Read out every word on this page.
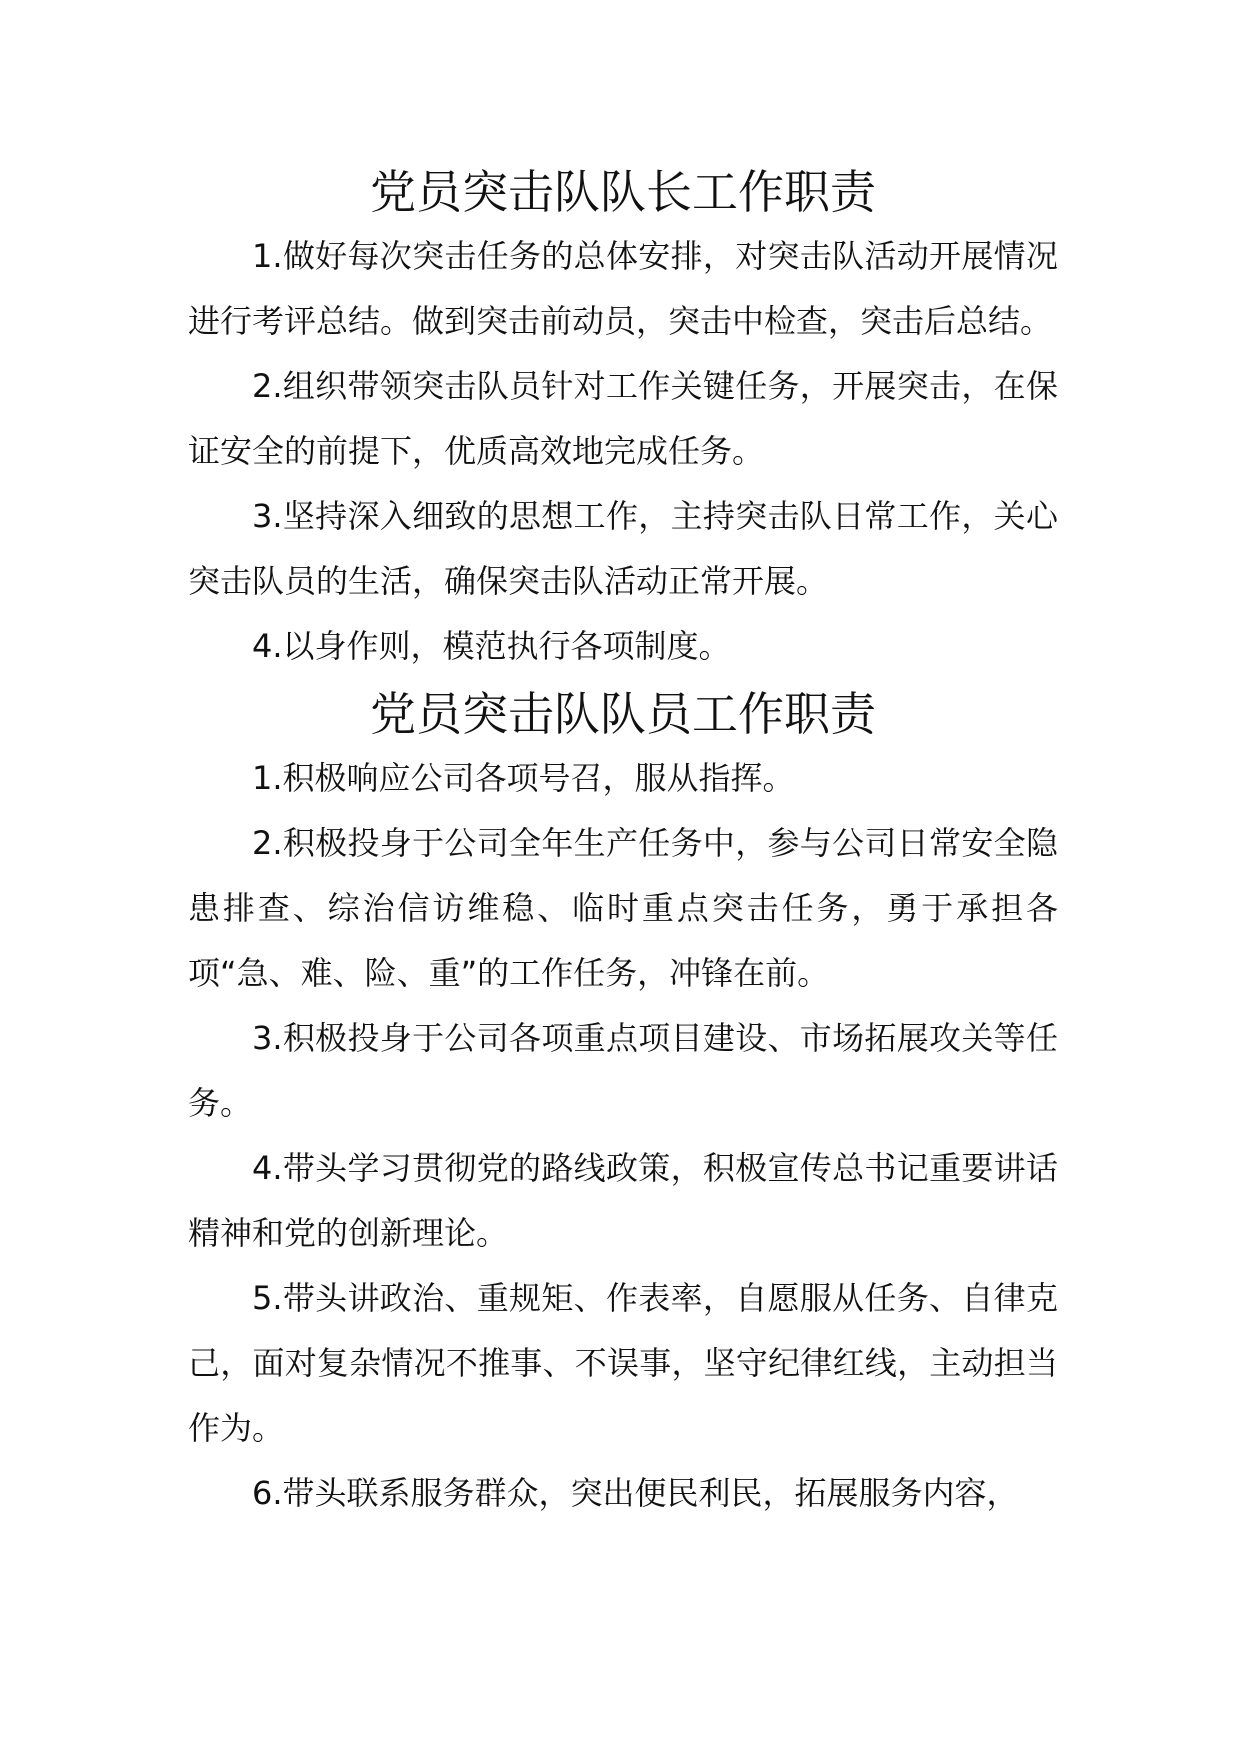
党员突击队队长工作职责

1.做好每次突击任务的总体安排，对突击队活动开展情况进行考评总结。做到突击前动员，突击中检查，突击后总结。

2.组织带领突击队员针对工作关键任务，开展突击，在保证安全的前提下，优质高效地完成任务。

3.坚持深入细致的思想工作，主持突击队日常工作，关心突击队员的生活，确保突击队活动正常开展。

4.以身作则，模范执行各项制度。

党员突击队队员工作职责

1.积极响应公司各项号召，服从指挥。

2.积极投身于公司全年生产任务中，参与公司日常安全隐患排查、综治信访维稳、临时重点突击任务，勇于承担各项“急、难、险、重”的工作任务，冲锋在前。

3.积极投身于公司各项重点项目建设、市场拓展攻关等任务。

4.带头学习贯彻党的路线政策，积极宣传总书记重要讲话精神和党的创新理论。

5.带头讲政治、重规矩、作表率，自愿服从任务、自律克己，面对复杂情况不推事、不误事，坚守纪律红线，主动担当作为。

6.带头联系服务群众，突出便民利民，拓展服务内容，
